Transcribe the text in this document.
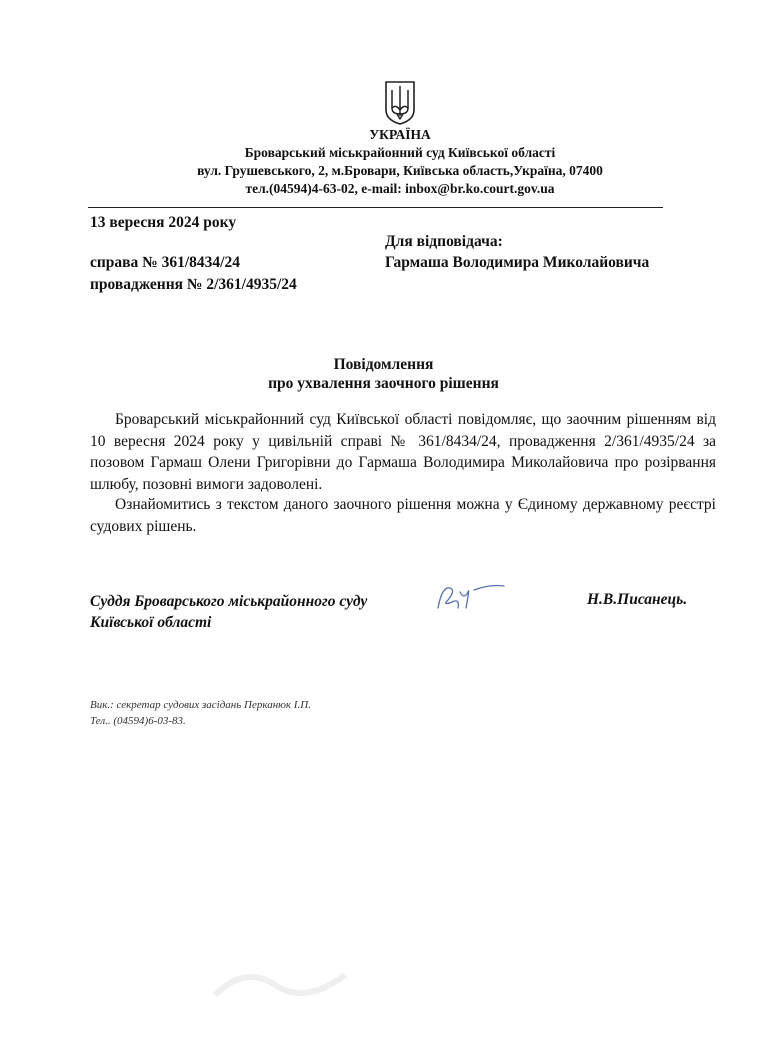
УКРАЇНА
Броварський міськрайонний суд Київської області
вул. Грушевського, 2, м.Бровари, Київська область,Україна, 07400
тел.(04594)4-63-02, e-mail: inbox@br.ko.court.gov.ua
13 вересня 2024 року
Для відповідача:
справа № 361/8434/24	Гармаша Володимира Миколайовича
провадження № 2/361/4935/24
Повідомлення
про ухвалення заочного рішення

Броварський міськрайонний суд Київської області повідомляє, що заочним рішенням від 10 вересня 2024 року у цивільній справі № 361/8434/24, провадження 2/361/4935/24 за позовом Гармаш Олени Григорівни до Гармаша Володимира Миколайовича про розірвання шлюбу, позовні вимоги задоволені.

Ознайомитись з текстом даного заочного рішення можна у Єдиному державному реєстрі судових рішень.

Суддя Броварського міськрайонного суду Київської області
Н.В.Писанець.
Вик.: секретар судових засідань Перканюк І.П.
Тел.. (04594)6-03-83.
